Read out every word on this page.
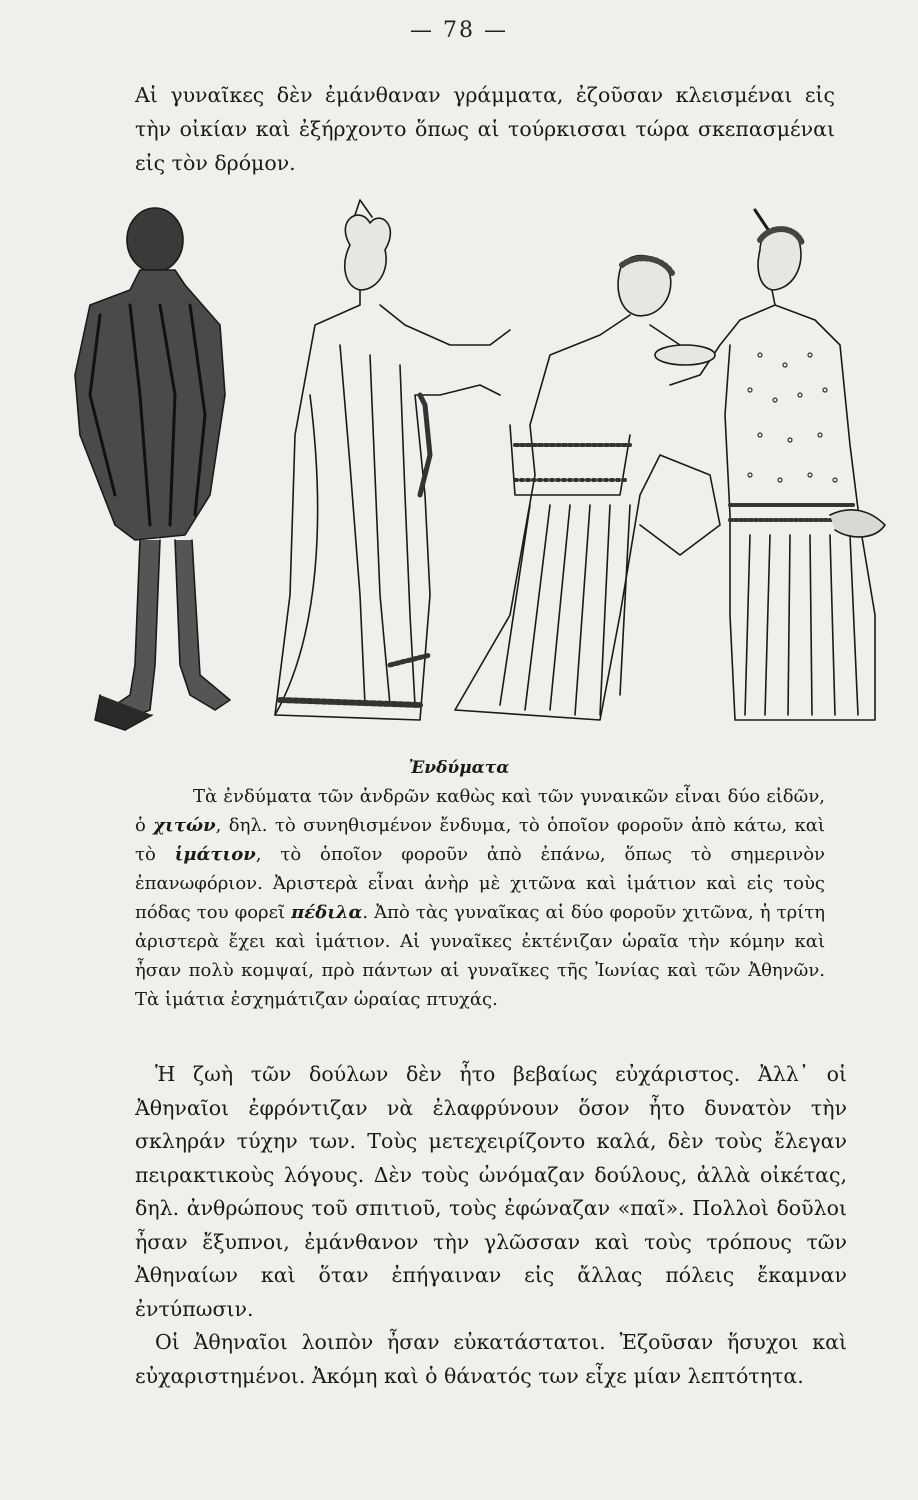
— 78 —

Αἱ γυναῖκες δὲν ἐμάνθαναν γράμματα, ἐζοῦσαν κλεισμέναι εἰς τὴν οἰκίαν καὶ ἐξήρχοντο ὅπως αἱ τούρκισσαι τώρα σκεπασμέναι εἰς τὸν δρόμον.

Ἐνδύματα

Τὰ ἐνδύματα τῶν ἀνδρῶν καθὼς καὶ τῶν γυναικῶν εἶναι δύο εἰδῶν, ὁ χιτών, δηλ. τὸ συνηθισμένον ἔνδυμα, τὸ ὁποῖον φοροῦν ἀπὸ κάτω, καὶ τὸ ἱμάτιον, τὸ ὁποῖον φοροῦν ἀπὸ ἐπάνω, ὅπως τὸ σημερινὸν ἐπανωφόριον. Ἀριστερὰ εἶναι ἀνὴρ μὲ χιτῶνα καὶ ἱμάτιον καὶ εἰς τοὺς πόδας του φορεῖ πέδιλα. Ἀπὸ τὰς γυναῖκας αἱ δύο φοροῦν χιτῶνα, ἡ τρίτη ἀριστερὰ ἔχει καὶ ἱμάτιον. Αἱ γυναῖκες ἐκτένιζαν ὡραῖα τὴν κόμην καὶ ἦσαν πολὺ κομψαί, πρὸ πάντων αἱ γυναῖκες τῆς Ἰωνίας καὶ τῶν Ἀθηνῶν. Τὰ ἱμάτια ἐσχημάτιζαν ὡραίας πτυχάς.

Ἡ ζωὴ τῶν δούλων δὲν ἦτο βεβαίως εὐχάριστος. Ἀλλ᾽ οἱ Ἀθηναῖοι ἐφρόντιζαν νὰ ἐλαφρύνουν ὅσον ἦτο δυνατὸν τὴν σκληράν τύχην των. Τοὺς μετεχειρίζοντο καλά, δὲν τοὺς ἔλεγαν πειρακτικοὺς λόγους. Δὲν τοὺς ὠνόμαζαν δούλους, ἀλλὰ οἰκέτας, δηλ. ἀνθρώπους τοῦ σπιτιοῦ, τοὺς ἐφώναζαν «παῖ». Πολλοὶ δοῦλοι ἦσαν ἔξυπνοι, ἐμάνθανον τὴν γλῶσσαν καὶ τοὺς τρόπους τῶν Ἀθηναίων καὶ ὅταν ἐπήγαιναν εἰς ἄλλας πόλεις ἔκαμναν ἐντύπωσιν.

Οἱ Ἀθηναῖοι λοιπὸν ἦσαν εὐκατάστατοι. Ἐζοῦσαν ἥσυχοι καὶ εὐχαριστημένοι. Ἀκόμη καὶ ὁ θάνατός των εἶχε μίαν λεπτότητα.
